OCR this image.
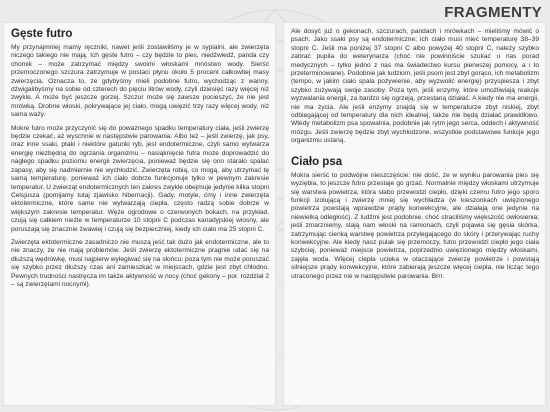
FRAGMENTY
Gęste futro

My przynajmniej mamy ręczniki, nawet jeśli zostawiłśmy je w sypialni, ale zwierzęta niczego takiego nie mają. Ich gęste futro – czy będzie to pies, niedźwiedź, panda czy chomik – może zatrzymać między swoimi włoskami mnóstwo wody. Sierść przemoczonego szczura zatrzymuje w postaci płynu około 5 procent całkowitej masy zwierzęcia. Oznacza to, że gdybyśmy mieli podobne futro, wychodząc z wanny, dźwigalibyśmy na sobie od czterech do pięciu litrów wody, czyli dziesięć razy więcej niż zwykle. A może być jeszcze gorzej. Szczur może się zawsze pocieszyć, że nie jest mrówką. Drobne włoski, pokrywające jej ciało, mogą uwięzić trzy razy więcej wody, niż sama waży.

Mokre futro może przyczynić się do poważnego spadku temperatury ciała, jeśli zwierzę będzie czekać, aż wyschnie w następstwie parowania. Albo też – jeśli zwierzę, jak psy, oraz inne ssaki, ptaki i niektóre gatunki ryb, jest endotermiczne, czyli samo wytwarza energię niezbędną do ogrzania organizmu – nasiąknięcie futra może doprowadzić do nagłego spadku poziomu energii zwierzęcia, ponieważ będzie się ono starało spalać zapasy, aby się nadmiernie nie wychłodzić. Zwierzęta robią, co mogą, aby utrzymać tę samą temperaturę, ponieważ ich ciało dobrze funkcjonuje tylko w pewnym zakresie temperatur. U zwierząt endotermicznych ten zakres zwykle obejmuje jedynie kilka stopni Celsjusza (pomijamy tutaj zjawisko hibernacji). Gady, motyle, ćmy i inne zwierzęta ektotermiczne, które same nie wytwarzają ciepła, często radzą sobie dobrze w większym zakresie temperatur. Węże ogrodowe o czerwonych bokach, na przykład, czują się całkiem nieźle w temperaturze 10 stopni C podczas kanadyjskiej wiosny, ale poruszają się znacznie żwawiej i czują się bezpieczniej, kiedy ich ciało ma 25 stopni C.

Zwierzęta ektotermiczne zasadniczo nie muszą jeść tak dużo jak endotermiczne, ale to nie znaczy, że nie mają problemów. Jeśli zwierzę ektotermiczne pragnie udać się na dłuższą wędrówkę, musi najpierw wylegiwać się na słońcu; poza tym nie może poruszać się szybko przez dłuższy czas ani zamieszkać w miejscach, gdzie jest zbyt chłodno. Pewnych trudności nastręcza im także aktywność w nocy (choć gekony – por. rozdział 2 – są zwierzętami nocnymi).

Ale dosyć już o gekonach, szczurach, pandach i mrówkach – mieliśmy mówić o psach. Jako ssaki psy są endotermiczne; ich ciało musi mieć temperaturę 38–39 stopni C. Jeśli ma poniżej 37 stopni C albo powyżej 40 stopni C, należy szybko zabrać pupila do weterynarza (choć nie powinniście szukać u nas porad medycznych – tylko jedno z nas ma świadectwo kursu pierwszej pomocy, a i to przeterminowane). Podobnie jak ludziom, jeśli psom jest zbyt gorąco, ich metabolizm (tempo, w jakim ciało spala pożywienie, aby wyzwolić energię) przyspiesza i zbyt szybko zużywają swoje zasoby. Poza tym, jeśli enzymy, które umożliwiają reakcje wyzwalania energii, za bardzo się ogrzeją, przestaną działać. A kiedy nie ma energii, nie ma życia. Ale jeśli enzymy znajdą się w temperaturze zbyt niskiej, zbyt odbiegającej od temperatury dla nich idealnej, także nie będą działać prawidłowo. Wtedy metabolizm psa spowalnia, podobnie jak rytm jego serca, oddech i aktywność mózgu. Jeśli zwierzę będzie zbyt wychłodzone, wszystkie podstawowe funkcje jego organizmu ustaną.

Ciało psa

Mokra sierść to podwójne nieszczęście: nie dość, że w wyniku parowania pies się wyziębia, to jeszcze futro przestaje go grzać. Normalnie między włoskami utrzymuje się warstwa powietrza, która słabo przewodzi ciepło, dzięki czemu futro jego sporo funkcji izolującą i zwierzę mniej się wychładza (w kieszonkach uwięzionego powietrza powstają wprawdzie prądy konwekcyjne, ale działają one jedynie na niewielką odległość). Z ludźmi jest podobnie, choć straciliśmy większość owłosienia; jeśli zmarzniemy, stają nam włoski na ramionach, czyli pojawia się gęsia skórka, zatrzymując cienką warstwę powietrza przylegającego do skóry i przerywając ruchy konwekcyjne. Ale kiedy nasz pulak się przemoczy, futro przewodzi ciepło jego ciała szybciej, ponieważ miejsce powietrza, poprzednio uwięzionego między włoskami, zajęła woda. Więcej ciepła ucieka w otaczające zwierzę powietrze i powstają silniejsze prądy konwekcyjne, które zabierają jeszcze więcej ciepła, nie licząc tego utraconego przez nie w następstwie parowania. Brrr.
